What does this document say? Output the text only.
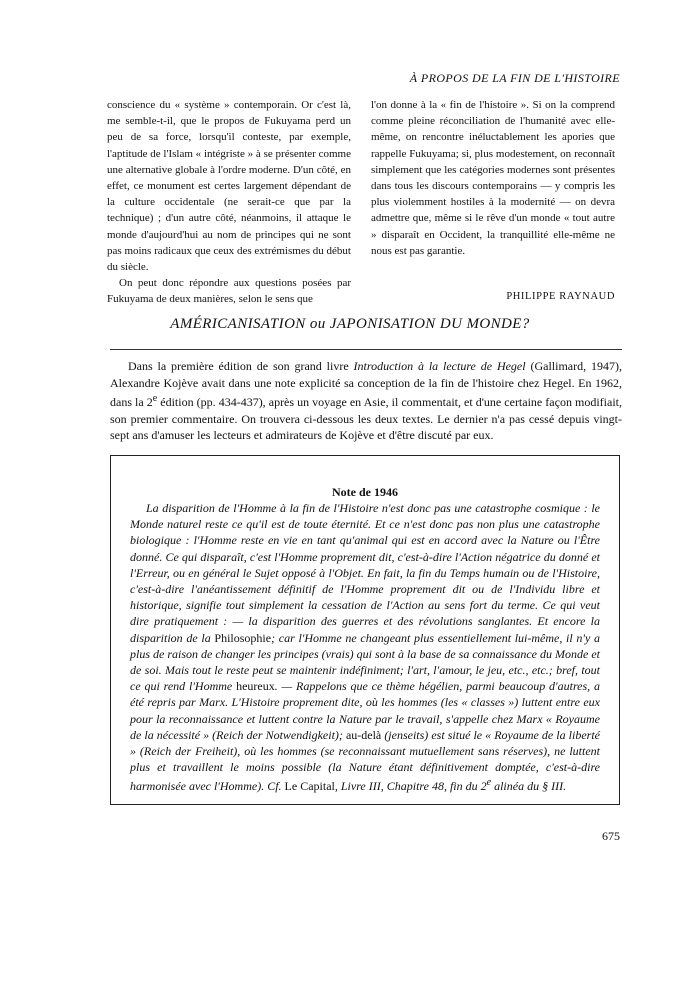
À PROPOS DE LA FIN DE L'HISTOIRE

conscience du « système » contemporain. Or c'est là, me semble-t-il, que le propos de Fukuyama perd un peu de sa force, lorsqu'il conteste, par exemple, l'aptitude de l'Islam « intégriste » à se présenter comme une alternative globale à l'ordre moderne. D'un côté, en effet, ce monument est certes largement dépendant de la culture occidentale (ne serait-ce que par la technique) ; d'un autre côté, néanmoins, il attaque le monde d'aujourd'hui au nom de principes qui ne sont pas moins radicaux que ceux des extrémismes du début du siècle.

On peut donc répondre aux questions posées par Fukuyama de deux manières, selon le sens que

l'on donne à la « fin de l'histoire ». Si on la comprend comme pleine réconciliation de l'humanité avec elle-même, on rencontre inéluctablement les apories que rappelle Fukuyama; si, plus modestement, on reconnaît simplement que les catégories modernes sont présentes dans tous les discours contemporains — y compris les plus violemment hostiles à la modernité — on devra admettre que, même si le rêve d'un monde « tout autre » disparaît en Occident, la tranquillité elle-même ne nous est pas garantie.

PHILIPPE RAYNAUD
AMÉRICANISATION ou JAPONISATION DU MONDE?

Dans la première édition de son grand livre Introduction à la lecture de Hegel (Gallimard, 1947), Alexandre Kojève avait dans une note explicité sa conception de la fin de l'histoire chez Hegel. En 1962, dans la 2e édition (pp. 434-437), après un voyage en Asie, il commentait, et d'une certaine façon modifiait, son premier commentaire. On trouvera ci-dessous les deux textes. Le dernier n'a pas cessé depuis vingt-sept ans d'amuser les lecteurs et admirateurs de Kojève et d'être discuté par eux.

Note de 1946

La disparition de l'Homme à la fin de l'Histoire n'est donc pas une catastrophe cosmique : le Monde naturel reste ce qu'il est de toute éternité. Et ce n'est donc pas non plus une catastrophe biologique : l'Homme reste en vie en tant qu'animal qui est en accord avec la Nature ou l'Être donné. Ce qui disparaît, c'est l'Homme proprement dit, c'est-à-dire l'Action négatrice du donné et l'Erreur, ou en général le Sujet opposé à l'Objet. En fait, la fin du Temps humain ou de l'Histoire, c'est-à-dire l'anéantissement définitif de l'Homme proprement dit ou de l'Individu libre et historique, signifie tout simplement la cessation de l'Action au sens fort du terme. Ce qui veut dire pratiquement : — la disparition des guerres et des révolutions sanglantes. Et encore la disparition de la Philosophie; car l'Homme ne changeant plus essentiellement lui-même, il n'y a plus de raison de changer les principes (vrais) qui sont à la base de sa connaissance du Monde et de soi. Mais tout le reste peut se maintenir indéfiniment; l'art, l'amour, le jeu, etc., etc.; bref, tout ce qui rend l'Homme heureux. — Rappelons que ce thème hégélien, parmi beaucoup d'autres, a été repris par Marx. L'Histoire proprement dite, où les hommes (les « classes ») luttent entre eux pour la reconnaissance et luttent contre la Nature par le travail, s'appelle chez Marx « Royaume de la nécessité » (Reich der Notwendigkeit); au-delà (jenseits) est situé le « Royaume de la liberté » (Reich der Freiheit), où les hommes (se reconnaissant mutuellement sans réserves), ne luttent plus et travaillent le moins possible (la Nature étant définitivement domptée, c'est-à-dire harmonisée avec l'Homme). Cf. Le Capital, Livre III, Chapitre 48, fin du 2e alinéa du § III.

675
